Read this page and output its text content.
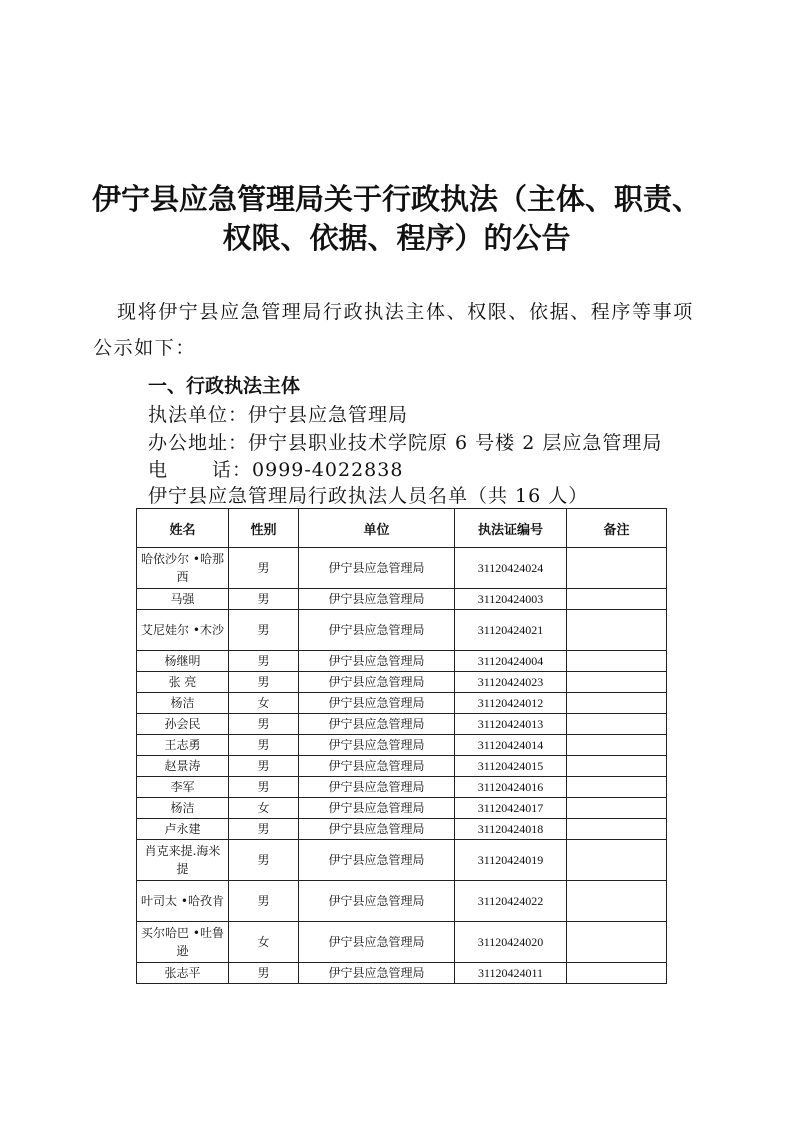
伊宁县应急管理局关于行政执法（主体、职责、
权限、依据、程序）的公告
现将伊宁县应急管理局行政执法主体、权限、依据、程序等事项公示如下：
一、行政执法主体
执法单位：伊宁县应急管理局
办公地址：伊宁县职业技术学院原 6 号楼 2 层应急管理局
电 话：0999-4022838
伊宁县应急管理局行政执法人员名单（共 16 人）
姓名	性别	单位	执法证编号	备注
哈依沙尔 •哈那西	男	伊宁县应急管理局	31120424024	
马强	男	伊宁县应急管理局	31120424003	
艾尼娃尔 •木沙	男	伊宁县应急管理局	31120424021	
杨继明	男	伊宁县应急管理局	31120424004	
张 亮	男	伊宁县应急管理局	31120424023	
杨洁	女	伊宁县应急管理局	31120424012	
孙会民	男	伊宁县应急管理局	31120424013	
王志勇	男	伊宁县应急管理局	31120424014	
赵景涛	男	伊宁县应急管理局	31120424015	
李军	男	伊宁县应急管理局	31120424016	
杨洁	女	伊宁县应急管理局	31120424017	
卢永建	男	伊宁县应急管理局	31120424018	
肖克来提.海米提	男	伊宁县应急管理局	31120424019	
叶司太 •哈孜肯	男	伊宁县应急管理局	31120424022	
买尔哈巴 •吐鲁逊	女	伊宁县应急管理局	31120424020	
张志平	男	伊宁县应急管理局	31120424011	
